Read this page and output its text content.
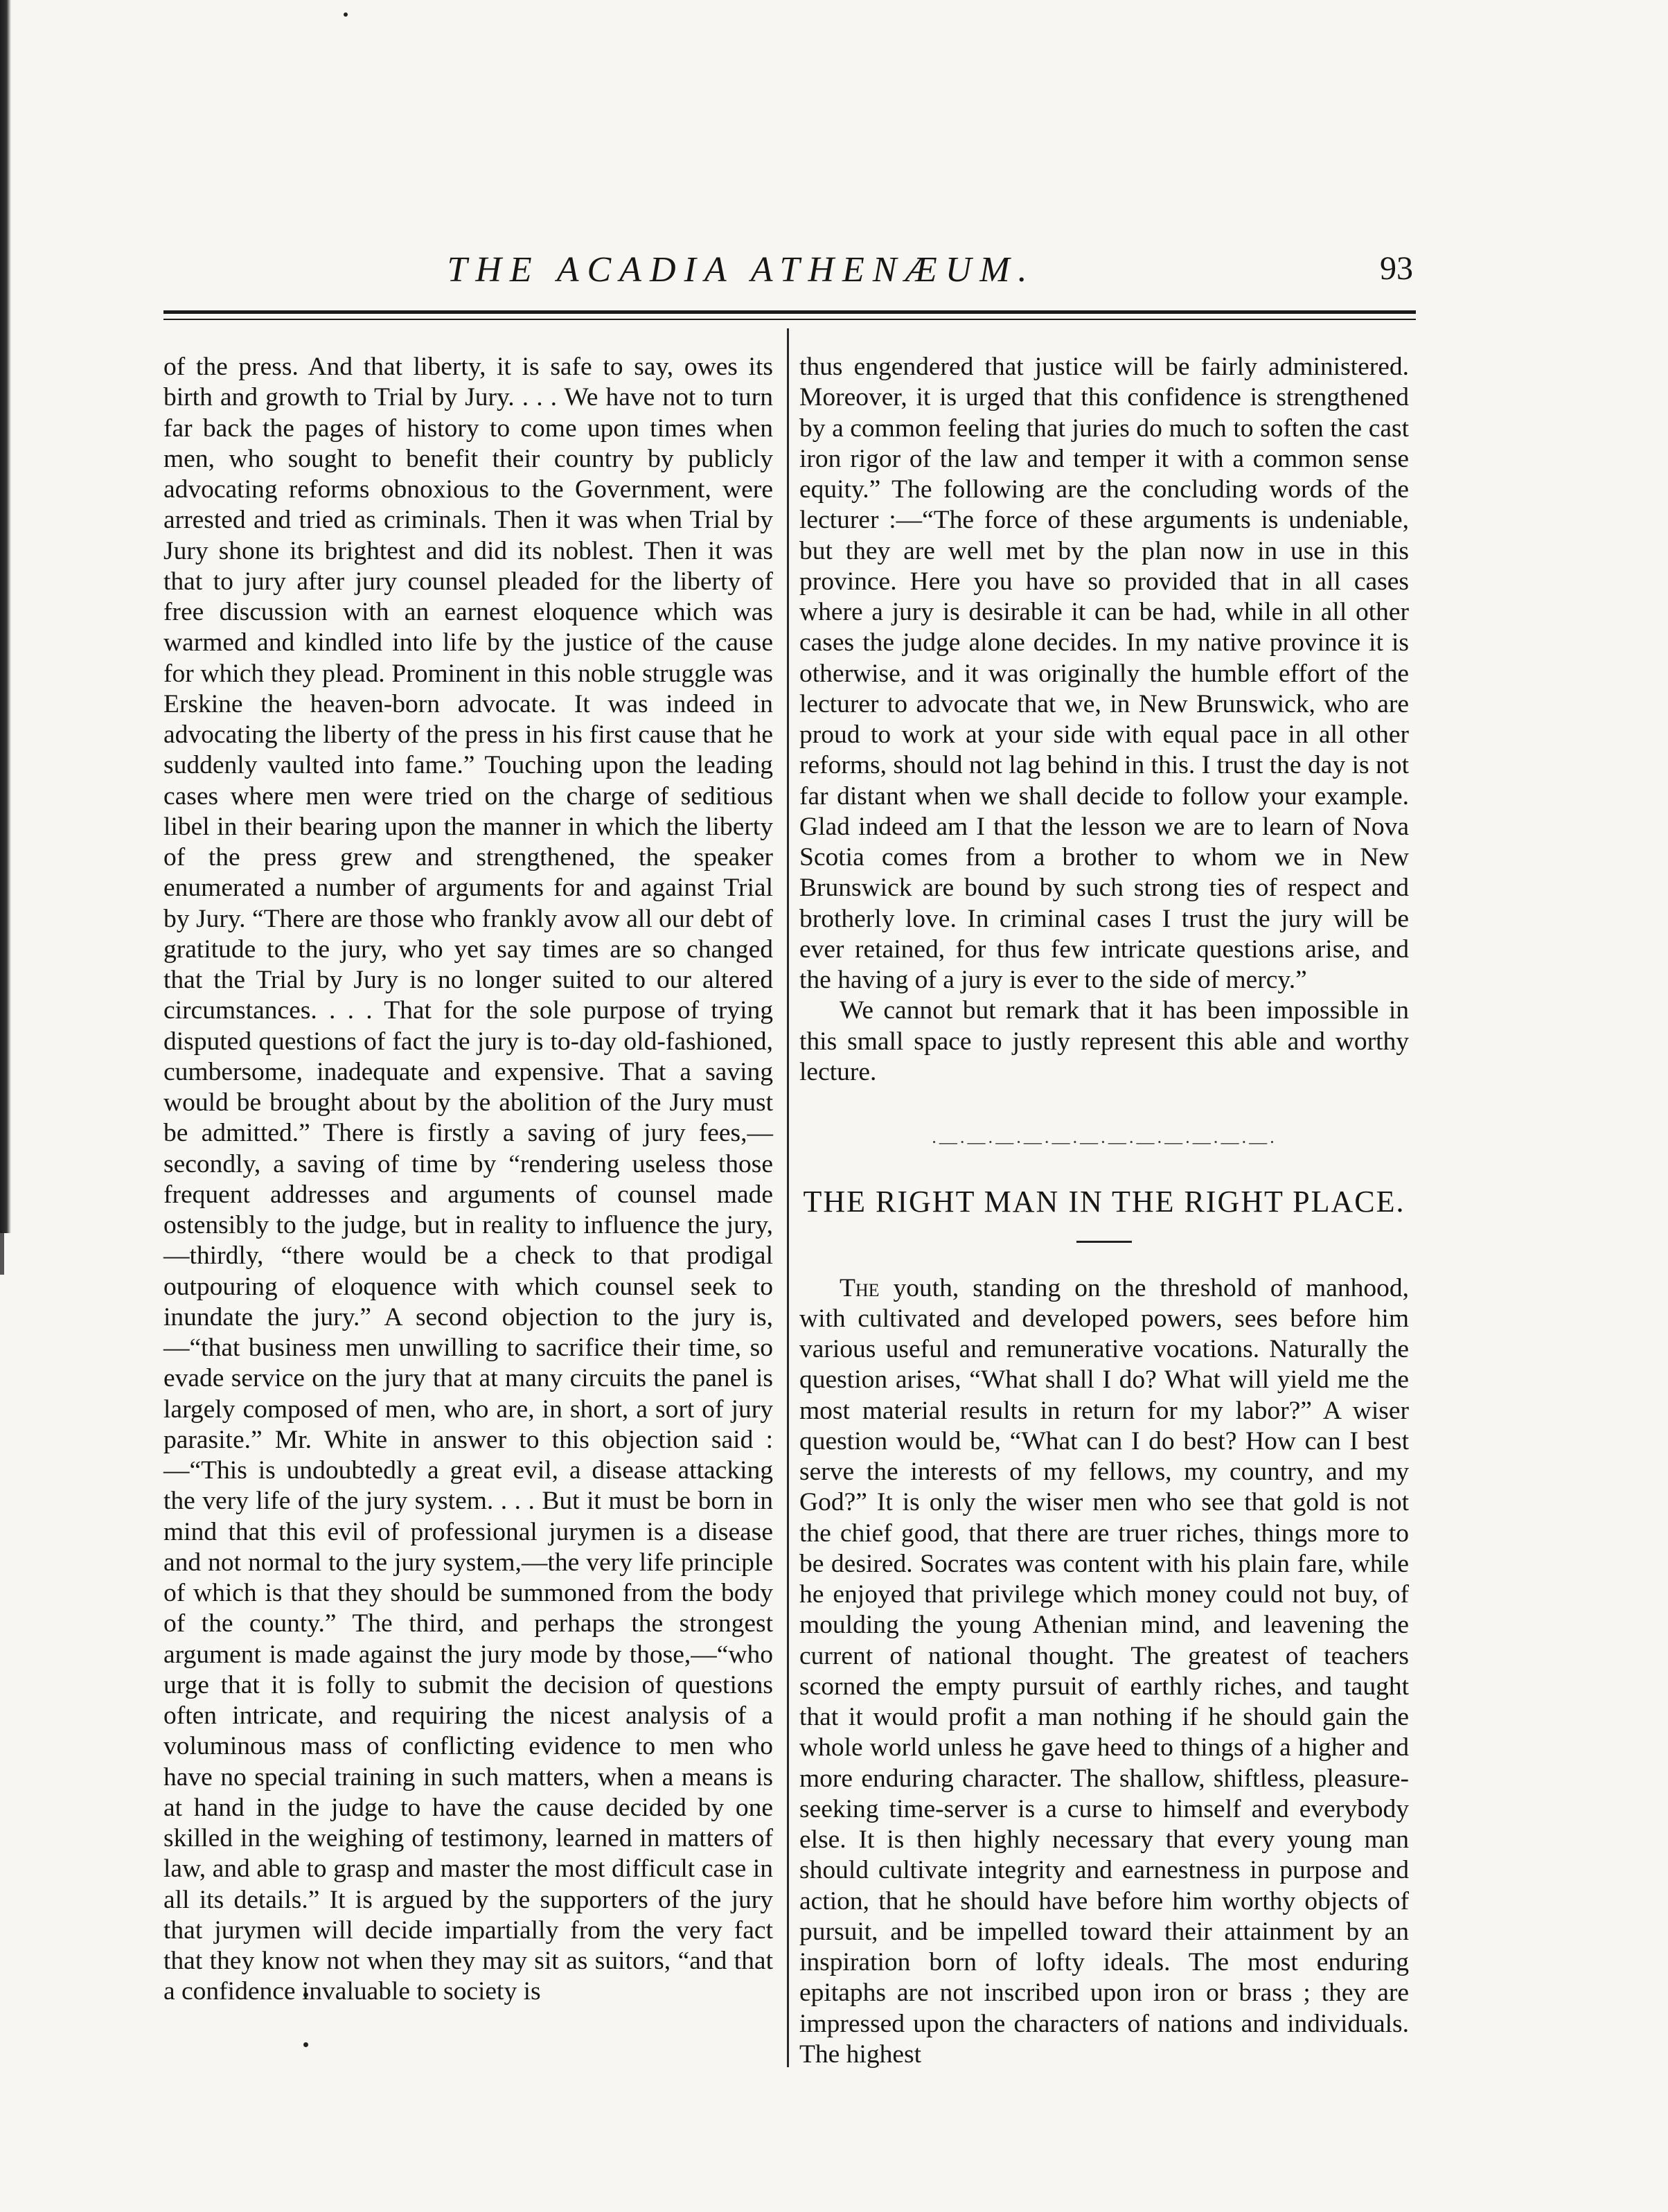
THE ACADIA ATHENÆUM.	93

of the press. And that liberty, it is safe to say, owes its birth and growth to Trial by Jury. . . . We have not to turn far back the pages of history to come upon times when men, who sought to benefit their country by publicly advocating reforms obnoxious to the Government, were arrested and tried as criminals. Then it was when Trial by Jury shone its brightest and did its noblest. Then it was that to jury after jury counsel pleaded for the liberty of free discussion with an earnest eloquence which was warmed and kindled into life by the justice of the cause for which they plead. Prominent in this noble struggle was Erskine the heaven-born advocate. It was indeed in advocating the liberty of the press in his first cause that he suddenly vaulted into fame.” Touching upon the leading cases where men were tried on the charge of seditious libel in their bearing upon the manner in which the liberty of the press grew and strengthened, the speaker enumerated a number of arguments for and against Trial by Jury. “There are those who frankly avow all our debt of gratitude to the jury, who yet say times are so changed that the Trial by Jury is no longer suited to our altered circumstances. . . . That for the sole purpose of trying disputed questions of fact the jury is to-day old-fashioned, cumbersome, inadequate and expensive. That a saving would be brought about by the abolition of the Jury must be admitted.” There is firstly a saving of jury fees,—secondly, a saving of time by “rendering useless those frequent addresses and arguments of counsel made ostensibly to the judge, but in reality to influence the jury,—thirdly, “there would be a check to that prodigal outpouring of eloquence with which counsel seek to inundate the jury.” A second objection to the jury is,—“that business men unwilling to sacrifice their time, so evade service on the jury that at many circuits the panel is largely composed of men, who are, in short, a sort of jury parasite.” Mr. White in answer to this objection said :—“This is undoubtedly a great evil, a disease attacking the very life of the jury system. . . . But it must be born in mind that this evil of professional jurymen is a disease and not normal to the jury system,—the very life principle of which is that they should be summoned from the body of the county.” The third, and perhaps the strongest argument is made against the jury mode by those,—“who urge that it is folly to submit the decision of questions often intricate, and requiring the nicest analysis of a voluminous mass of conflicting evidence to men who have no special training in such matters, when a means is at hand in the judge to have the cause decided by one skilled in the weighing of testimony, learned in matters of law, and able to grasp and master the most difficult case in all its details.” It is argued by the supporters of the jury that jurymen will decide impartially from the very fact that they know not when they may sit as suitors, “and that a confidence invaluable to society is

thus engendered that justice will be fairly administered. Moreover, it is urged that this confidence is strengthened by a common feeling that juries do much to soften the cast iron rigor of the law and temper it with a common sense equity.” The following are the concluding words of the lecturer :—“The force of these arguments is undeniable, but they are well met by the plan now in use in this province. Here you have so provided that in all cases where a jury is desirable it can be had, while in all other cases the judge alone decides. In my native province it is otherwise, and it was originally the humble effort of the lecturer to advocate that we, in New Brunswick, who are proud to work at your side with equal pace in all other reforms, should not lag behind in this. I trust the day is not far distant when we shall decide to follow your example. Glad indeed am I that the lesson we are to learn of Nova Scotia comes from a brother to whom we in New Brunswick are bound by such strong ties of respect and brotherly love. In criminal cases I trust the jury will be ever retained, for thus few intricate questions arise, and the having of a jury is ever to the side of mercy.”

We cannot but remark that it has been impossible in this small space to justly represent this able and worthy lecture.

·—·—·—·—·—·—·—·—·—·—·—·—·
THE RIGHT MAN IN THE RIGHT PLACE.

The youth, standing on the threshold of manhood, with cultivated and developed powers, sees before him various useful and remunerative vocations. Naturally the question arises, “What shall I do? What will yield me the most material results in return for my labor?” A wiser question would be, “What can I do best? How can I best serve the interests of my fellows, my country, and my God?” It is only the wiser men who see that gold is not the chief good, that there are truer riches, things more to be desired. Socrates was content with his plain fare, while he enjoyed that privilege which money could not buy, of moulding the young Athenian mind, and leavening the current of national thought. The greatest of teachers scorned the empty pursuit of earthly riches, and taught that it would profit a man nothing if he should gain the whole world unless he gave heed to things of a higher and more enduring character. The shallow, shiftless, pleasure-seeking time-server is a curse to himself and everybody else. It is then highly necessary that every young man should cultivate integrity and earnestness in purpose and action, that he should have before him worthy objects of pursuit, and be impelled toward their attainment by an inspiration born of lofty ideals. The most enduring epitaphs are not inscribed upon iron or brass ; they are impressed upon the characters of nations and individuals. The highest
